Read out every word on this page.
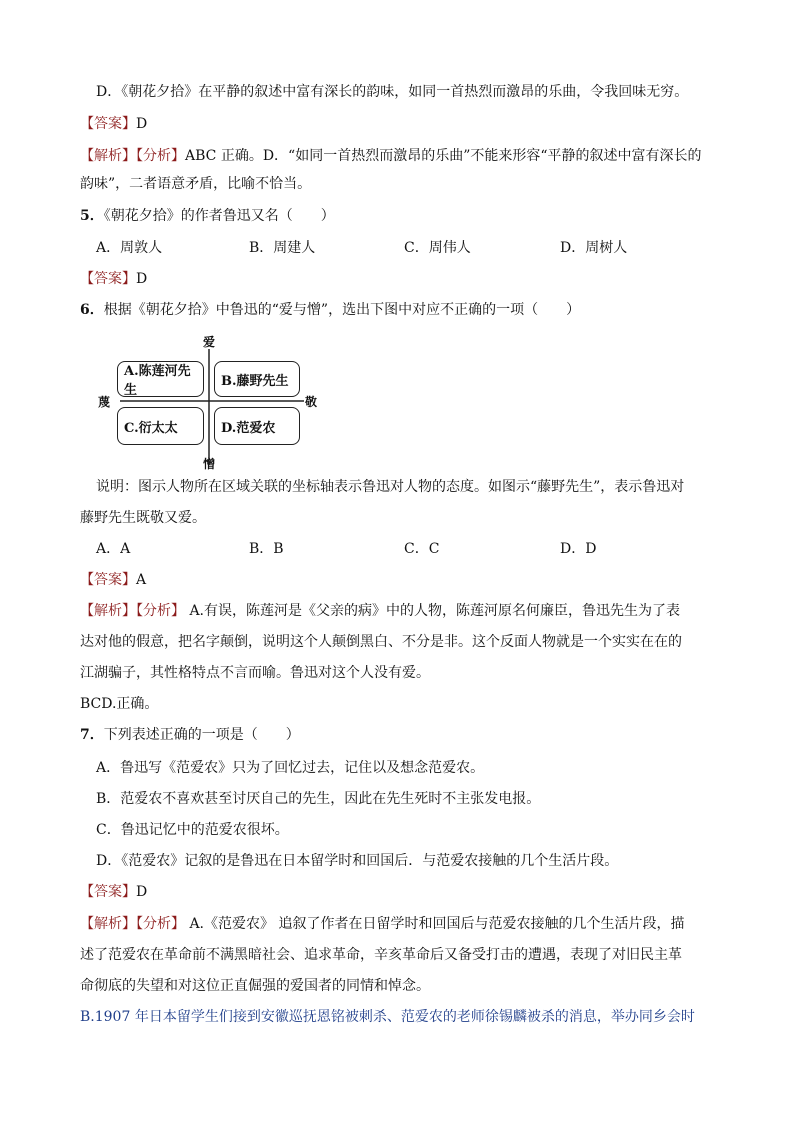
D．《朝花夕拾》在平静的叙述中富有深长的韵味，如同一首热烈而激昂的乐曲，令我回味无穷。
【答案】D
【解析】【分析】ABC 正确。D．“如同一首热烈而激昂的乐曲”不能来形容“平静的叙述中富有深长的
韵味”，二者语意矛盾，比喻不恰当。
5．《朝花夕拾》的作者鲁迅又名（　　）
A．周敦人	B．周建人	C．周伟人	D．周树人
【答案】D
6．根据《朝花夕拾》中鲁迅的“爱与憎”，选出下图中对应不正确的一项（　　）
爱
憎
蔑	敬
A.陈莲河先生
B.藤野先生
C.衍太太	D.范爱农
说明：图示人物所在区域关联的坐标轴表示鲁迅对人物的态度。如图示“藤野先生”，表示鲁迅对
藤野先生既敬又爱。
A．A	B．B	C．C	D．D
【答案】A
【解析】【分析】 A.有误，陈莲河是《父亲的病》中的人物，陈莲河原名何廉臣，鲁迅先生为了表
达对他的假意，把名字颠倒，说明这个人颠倒黑白、不分是非。这个反面人物就是一个实实在在的
江湖骗子，其性格特点不言而喻。鲁迅对这个人没有爱。
BCD.正确。
7．下列表述正确的一项是（　　）
A．鲁迅写《范爱农》只为了回忆过去，记住以及想念范爱农。
B．范爱农不喜欢甚至讨厌自己的先生，因此在先生死时不主张发电报。
C．鲁迅记忆中的范爱农很坏。
D．《范爱农》记叙的是鲁迅在日本留学时和回国后．与范爱农接触的几个生活片段。
【答案】D
【解析】【分析】 A.《范爱农》 追叙了作者在日留学时和回国后与范爱农接触的几个生活片段，描
述了范爱农在革命前不满黑暗社会、追求革命，辛亥革命后又备受打击的遭遇，表现了对旧民主革
命彻底的失望和对这位正直倔强的爱国者的同情和悼念。
B.1907 年日本留学生们接到安徽巡抚恩铭被刺杀、范爱农的老师徐锡麟被杀的消息，举办同乡会时
